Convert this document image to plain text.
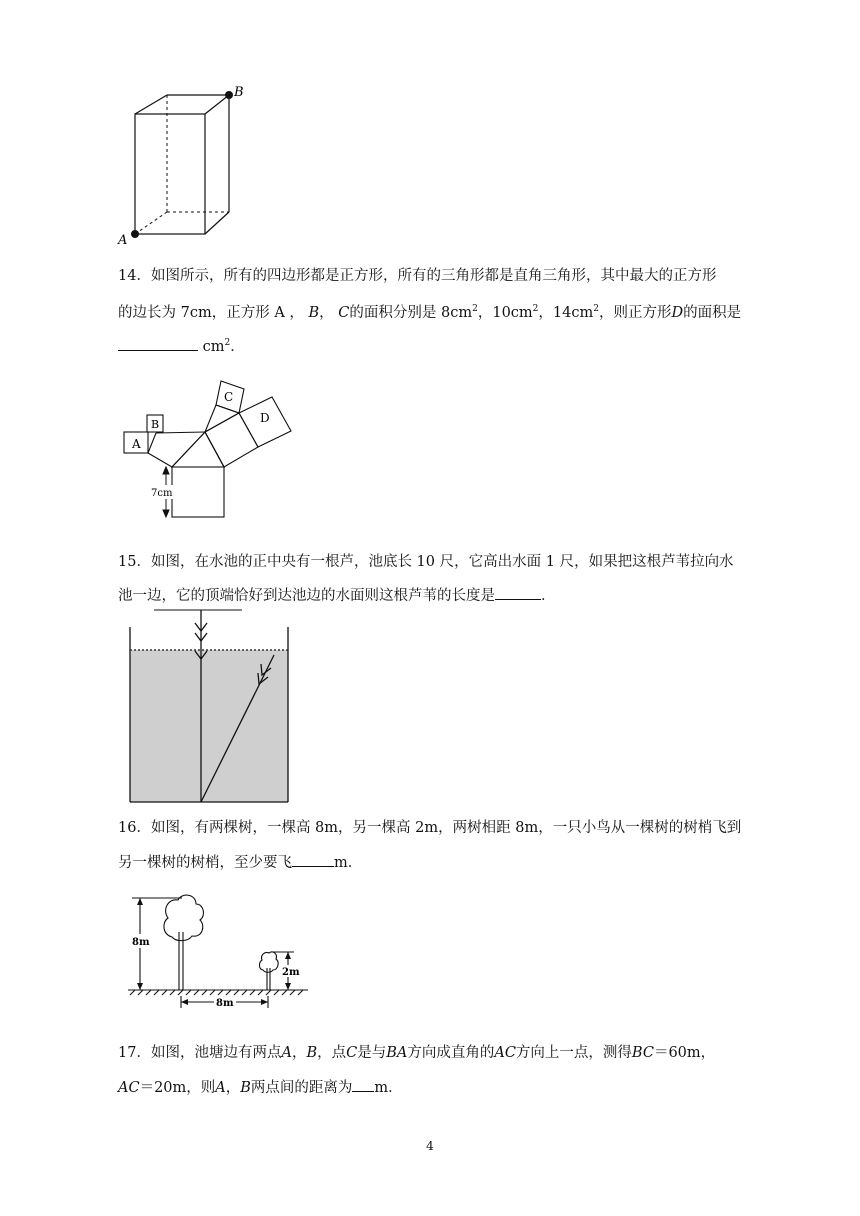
A
B
14．如图所示，所有的四边形都是正方形，所有的三角形都是直角三角形，其中最大的正方形
的边长为 7cm，正方形 A ， B， C的面积分别是 $8cm^2$，$10cm^2$，$14cm^2$，则正方形D的面积是
$cm^2$．
A
B
C
D
7cm
15．如图，在水池的正中央有一根芦，池底长 10 尺，它高出水面 1 尺，如果把这根芦苇拉向水
池一边，它的顶端恰好到达池边的水面则这根芦苇的长度是	．
16．如图，有两棵树，一棵高 8m，另一棵高 2m，两树相距 8m，一只小鸟从一棵树的树梢飞到
另一棵树的树梢，至少要飞	m．
8m
2m
8m
17．如图，池塘边有两点A，B，点C是与BA方向成直角的AC方向上一点，测得BC＝60m，
AC＝20m，则A，B两点间的距离为 m．
4
